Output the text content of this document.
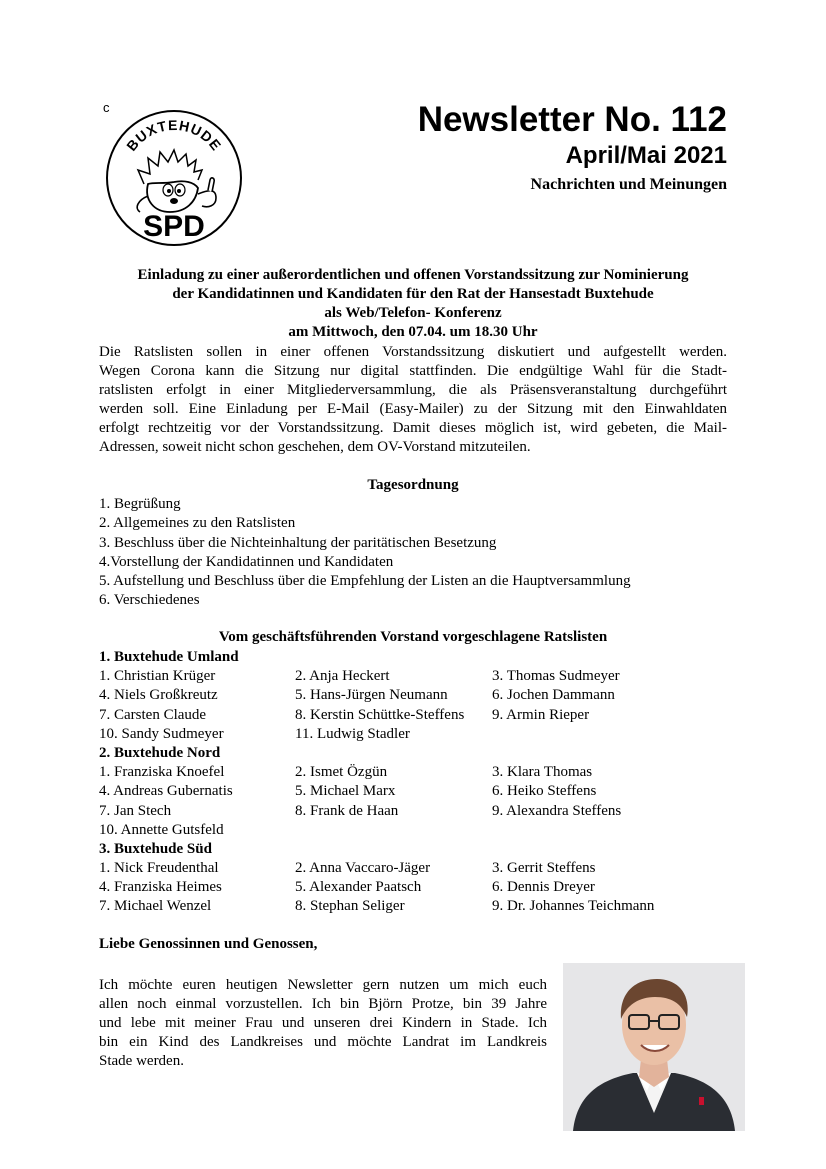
c
BUXTEHUDE
SPD
Newsletter No. 112
April/Mai 2021
Nachrichten und Meinungen
Einladung zu einer außerordentlichen und offenen Vorstandssitzung zur Nominierung
der Kandidatinnen und Kandidaten für den Rat der Hansestadt Buxtehude
als Web/Telefon- Konferenz
am Mittwoch, den 07.04. um 18.30 Uhr
Die Ratslisten sollen in einer offenen Vorstandssitzung diskutiert und aufgestellt werden.
Wegen Corona kann die Sitzung nur digital stattfinden. Die endgültige Wahl für die Stadt-
ratslisten erfolgt in einer Mitgliederversammlung, die als Präsensveranstaltung durchgeführt
werden soll. Eine Einladung per E-Mail (Easy-Mailer) zu der Sitzung mit den Einwahldaten
erfolgt rechtzeitig vor der Vorstandssitzung. Damit dieses möglich ist, wird gebeten, die Mail-
Adressen, soweit nicht schon geschehen, dem OV-Vorstand mitzuteilen.
Tagesordnung
1. Begrüßung
2. Allgemeines zu den Ratslisten
3. Beschluss über die Nichteinhaltung der paritätischen Besetzung
4.Vorstellung der Kandidatinnen und Kandidaten
5. Aufstellung und Beschluss über die Empfehlung der Listen an die Hauptversammlung
6. Verschiedenes
Vom geschäftsführenden Vorstand vorgeschlagene Ratslisten
1. Buxtehude Umland
1. Christian Krüger	2. Anja Heckert	3. Thomas Sudmeyer
4. Niels Großkreutz	5. Hans-Jürgen Neumann	6. Jochen Dammann
7. Carsten Claude	8. Kerstin Schüttke-Steffens 9. Armin Rieper
10. Sandy Sudmeyer	11. Ludwig Stadler
2. Buxtehude Nord
1. Franziska Knoefel	2. Ismet Özgün	3. Klara Thomas
4. Andreas Gubernatis	5. Michael Marx	6. Heiko Steffens
7. Jan Stech	8. Frank de Haan	9. Alexandra Steffens
10. Annette Gutsfeld
3. Buxtehude Süd
1. Nick Freudenthal	2. Anna Vaccaro-Jäger	3. Gerrit Steffens
4. Franziska Heimes	5. Alexander Paatsch	6. Dennis Dreyer
7. Michael Wenzel	8. Stephan Seliger	9. Dr. Johannes Teichmann
Liebe Genossinnen und Genossen,
Ich möchte euren heutigen Newsletter gern nutzen um mich euch
allen noch einmal vorzustellen. Ich bin Björn Protze, bin 39 Jahre
und lebe mit meiner Frau und unseren drei Kindern in Stade. Ich
bin ein Kind des Landkreises und möchte Landrat im Landkreis
Stade werden.
